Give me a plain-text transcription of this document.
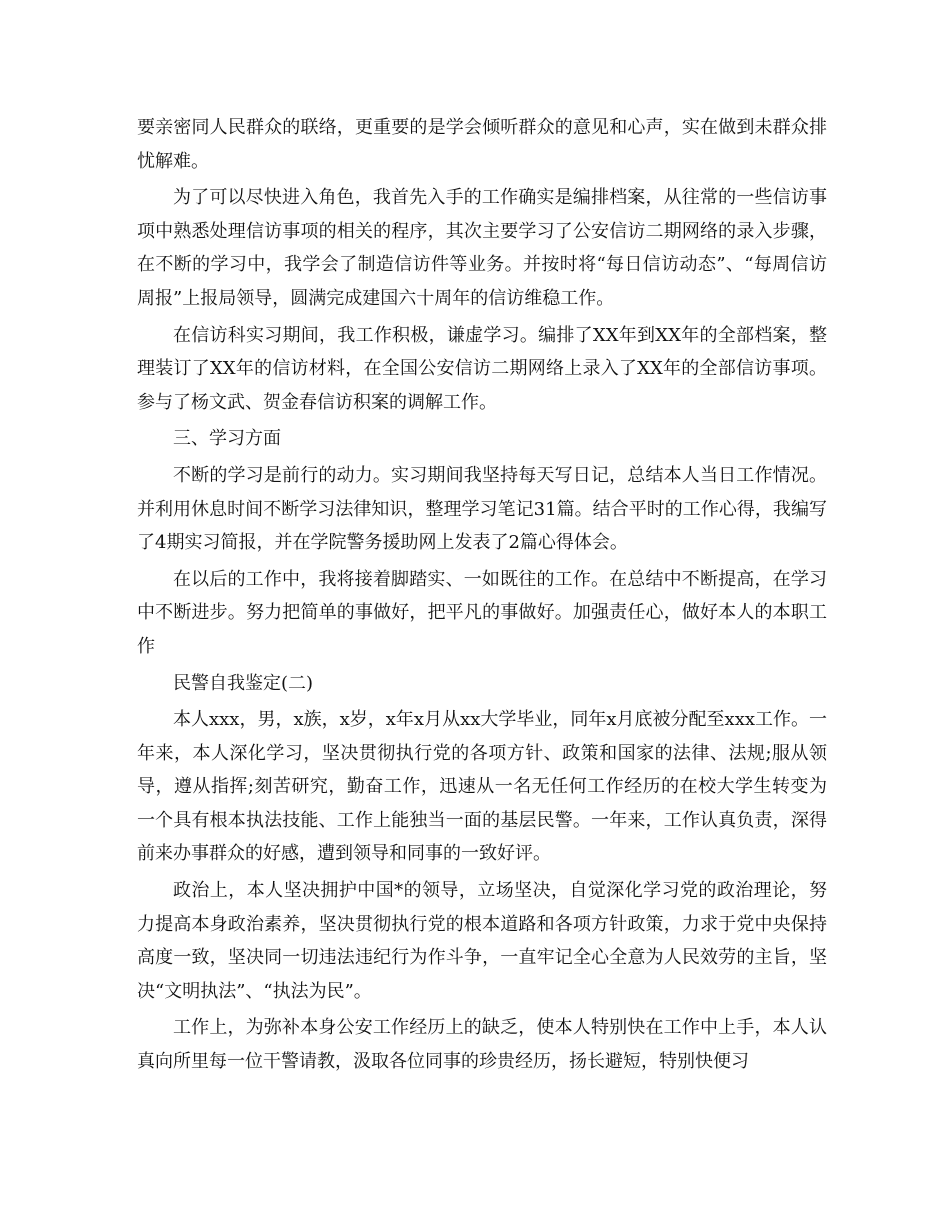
要亲密同人民群众的联络，更重要的是学会倾听群众的意见和心声，实在做到未群众排忧解难。

为了可以尽快进入角色，我首先入手的工作确实是编排档案，从往常的一些信访事项中熟悉处理信访事项的相关的程序，其次主要学习了公安信访二期网络的录入步骤，在不断的学习中，我学会了制造信访件等业务。并按时将“每日信访动态”、“每周信访周报”上报局领导，圆满完成建国六十周年的信访维稳工作。

在信访科实习期间，我工作积极，谦虚学习。编排了XX年到XX年的全部档案，整理装订了XX年的信访材料，在全国公安信访二期网络上录入了XX年的全部信访事项。参与了杨文武、贺金春信访积案的调解工作。

三、学习方面

不断的学习是前行的动力。实习期间我坚持每天写日记，总结本人当日工作情况。并利用休息时间不断学习法律知识，整理学习笔记31篇。结合平时的工作心得，我编写了4期实习简报，并在学院警务援助网上发表了2篇心得体会。

在以后的工作中，我将接着脚踏实、一如既往的工作。在总结中不断提高，在学习中不断进步。努力把简单的事做好，把平凡的事做好。加强责任心，做好本人的本职工作

民警自我鉴定(二)

本人xxx，男，x族，x岁，x年x月从xx大学毕业，同年x月底被分配至xxx工作。一年来，本人深化学习，坚决贯彻执行党的各项方针、政策和国家的法律、法规;服从领导，遵从指挥;刻苦研究，勤奋工作，迅速从一名无任何工作经历的在校大学生转变为一个具有根本执法技能、工作上能独当一面的基层民警。一年来，工作认真负责，深得前来办事群众的好感，遭到领导和同事的一致好评。

政治上，本人坚决拥护中国*的领导，立场坚决，自觉深化学习党的政治理论，努力提高本身政治素养，坚决贯彻执行党的根本道路和各项方针政策，力求于党中央保持高度一致，坚决同一切违法违纪行为作斗争，一直牢记全心全意为人民效劳的主旨，坚决“文明执法”、“执法为民”。

工作上，为弥补本身公安工作经历上的缺乏，使本人特别快在工作中上手，本人认真向所里每一位干警请教，汲取各位同事的珍贵经历，扬长避短，特别快便习
